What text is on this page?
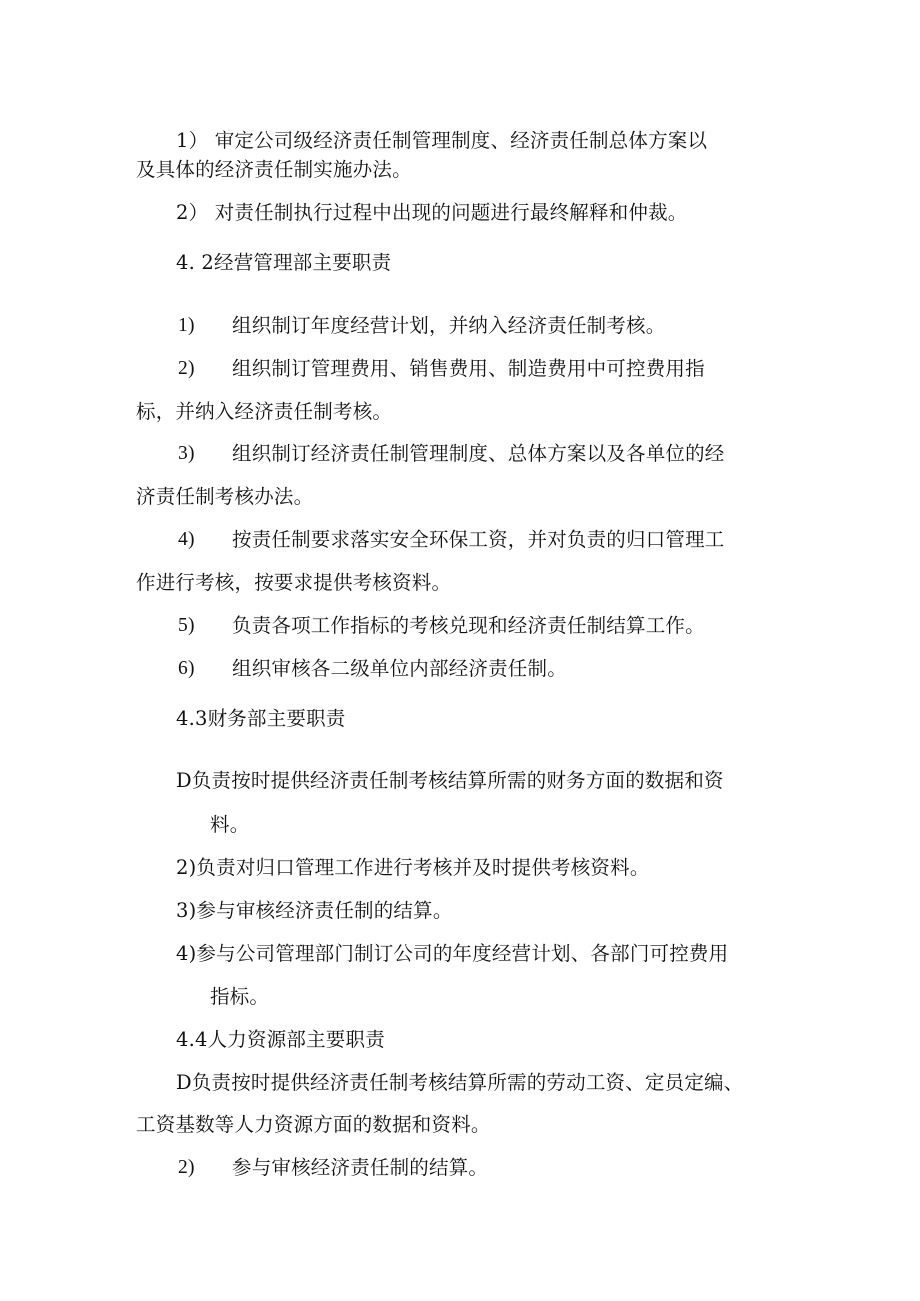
1） 审定公司级经济责任制管理制度、经济责任制总体方案以
及具体的经济责任制实施办法。
2） 对责任制执行过程中出现的问题进行最终解释和仲裁。
4. 2经营管理部主要职责
1) 组织制订年度经营计划，并纳入经济责任制考核。
2) 组织制订管理费用、销售费用、制造费用中可控费用指
标，并纳入经济责任制考核。
3) 组织制订经济责任制管理制度、总体方案以及各单位的经
济责任制考核办法。
4) 按责任制要求落实安全环保工资，并对负责的归口管理工
作进行考核，按要求提供考核资料。
5) 负责各项工作指标的考核兑现和经济责任制结算工作。
6) 组织审核各二级单位内部经济责任制。
4.3财务部主要职责
D负责按时提供经济责任制考核结算所需的财务方面的数据和资
料。
2)负责对归口管理工作进行考核并及时提供考核资料。
3)参与审核经济责任制的结算。
4)参与公司管理部门制订公司的年度经营计划、各部门可控费用
指标。
4.4人力资源部主要职责
D负责按时提供经济责任制考核结算所需的劳动工资、定员定编、
工资基数等人力资源方面的数据和资料。
2) 参与审核经济责任制的结算。
